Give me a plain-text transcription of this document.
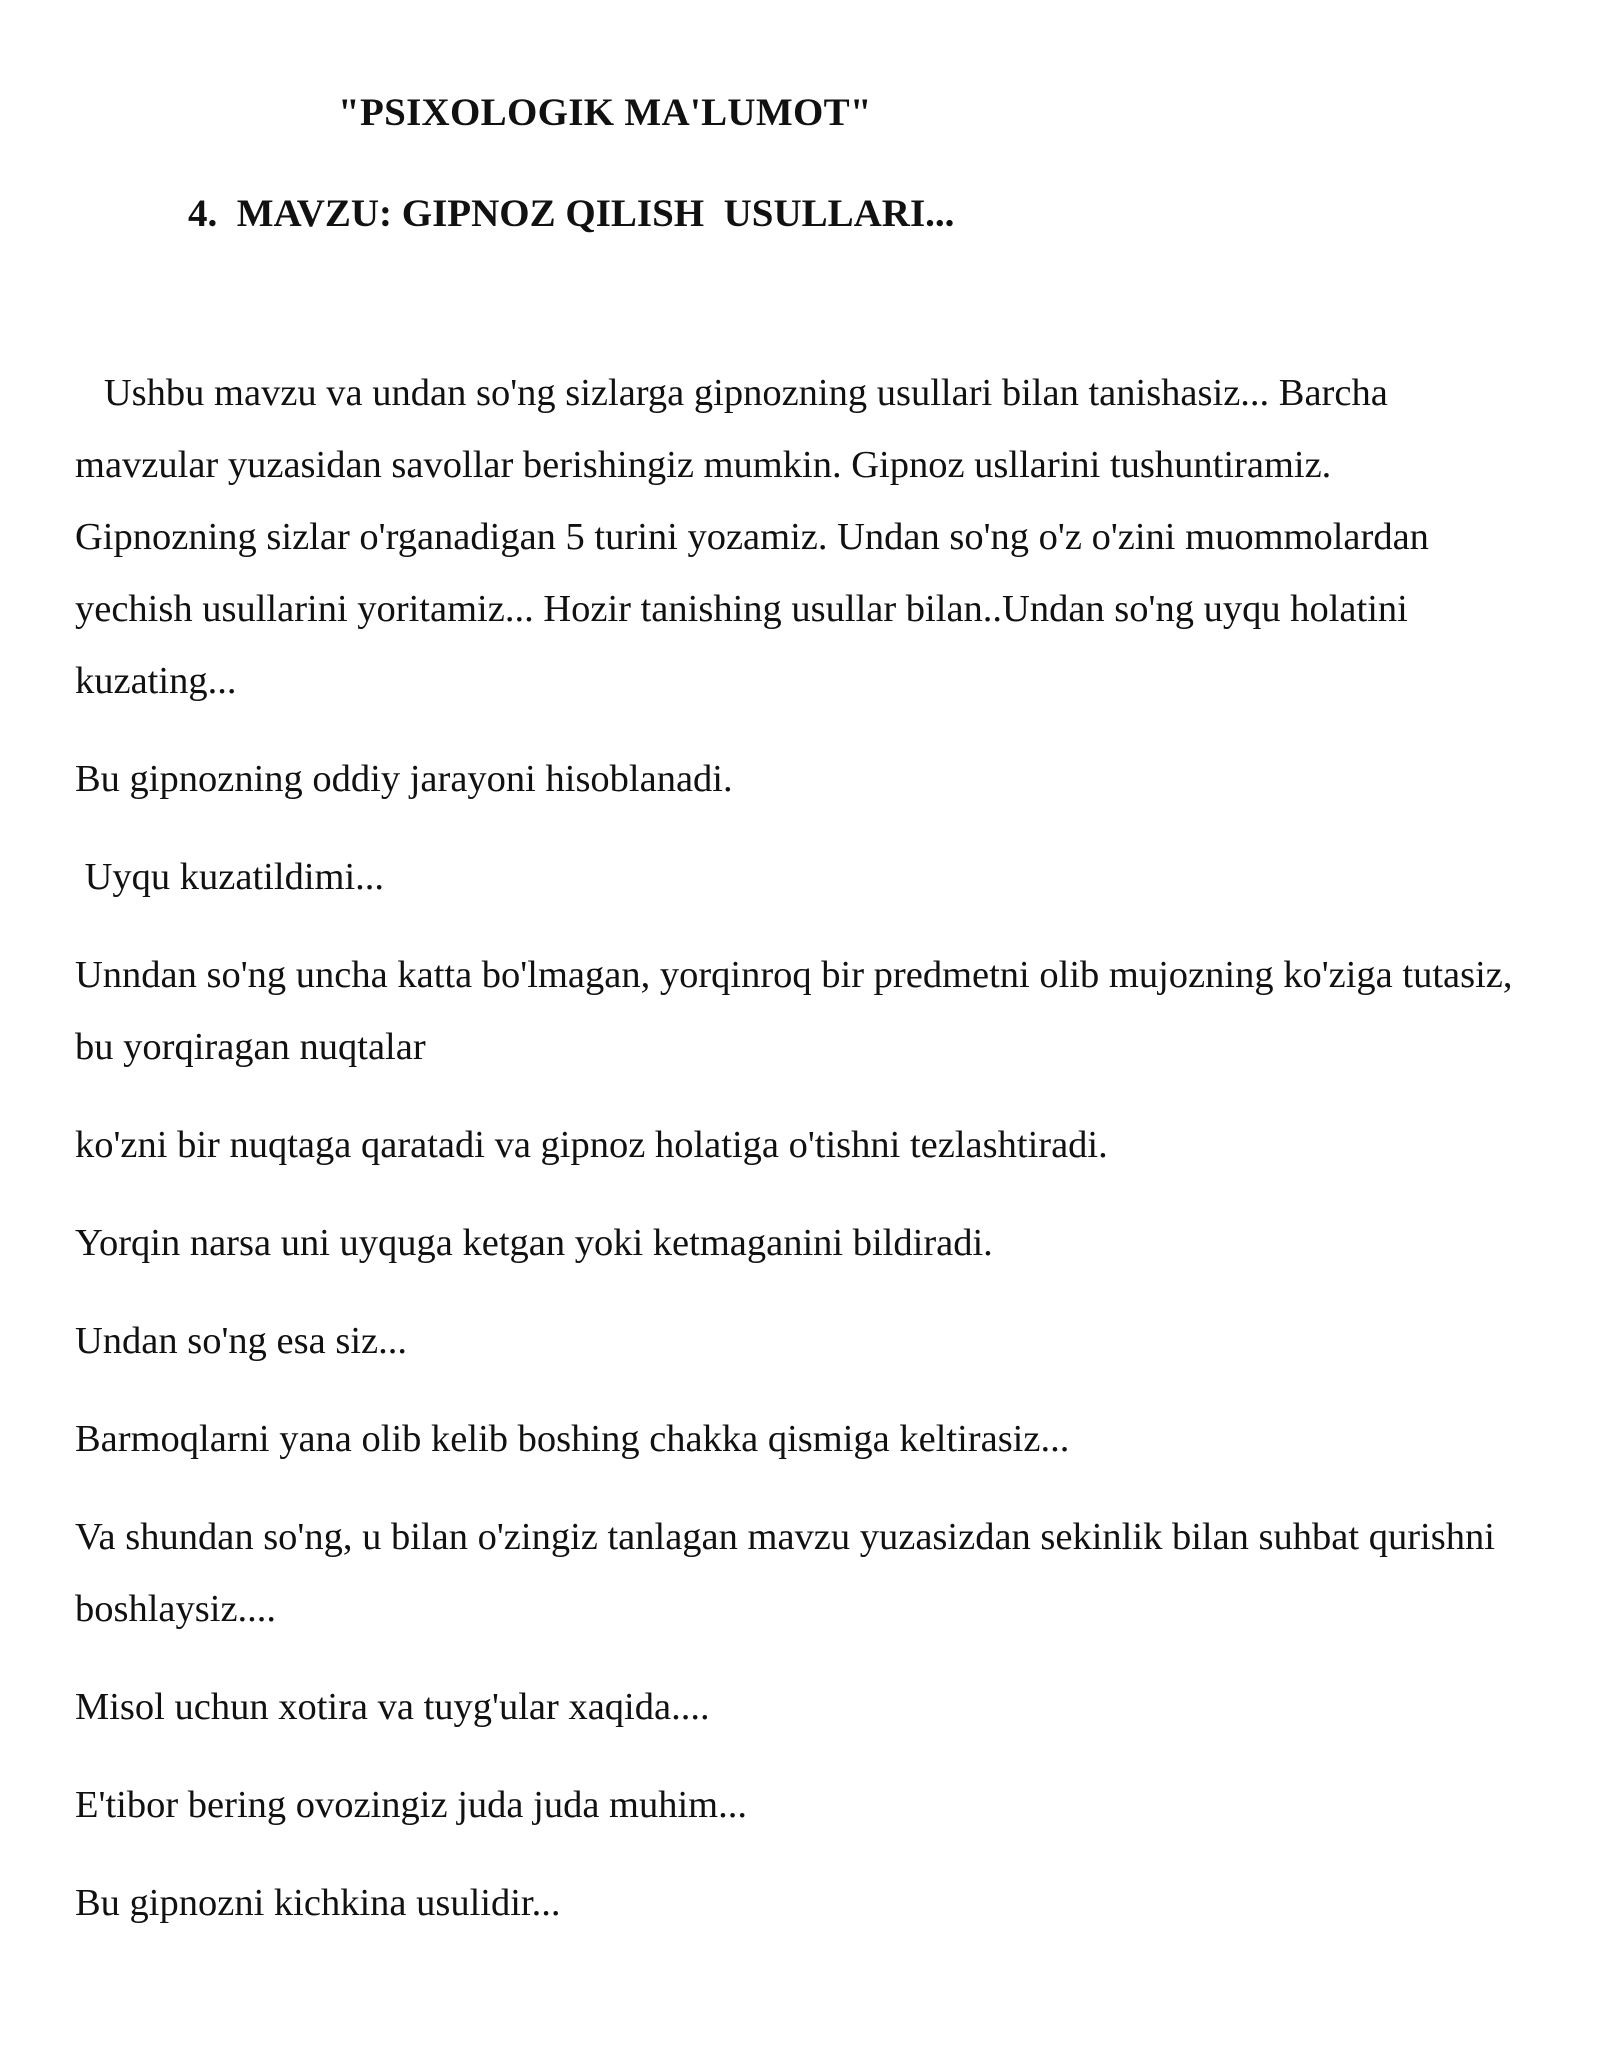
"PSIXOLOGIK MA'LUMOT"
4.  MAVZU: GIPNOZ QILISH  USULLARI...

Ushbu mavzu va undan so'ng sizlarga gipnozning usullari bilan tanishasiz... Barcha mavzular yuzasidan savollar berishingiz mumkin. Gipnoz usllarini tushuntiramiz. Gipnozning sizlar o'rganadigan 5 turini yozamiz. Undan so'ng o'z o'zini muommolardan yechish usullarini yoritamiz... Hozir tanishing usullar bilan..Undan so'ng uyqu holatini kuzating...

Bu gipnozning oddiy jarayoni hisoblanadi.

Uyqu kuzatildimi...

Unndan so'ng uncha katta bo'lmagan, yorqinroq bir predmetni olib mujozning ko'ziga tutasiz, bu yorqiragan nuqtalar

ko'zni bir nuqtaga qaratadi va gipnoz holatiga o'tishni tezlashtiradi.

Yorqin narsa uni uyquga ketgan yoki ketmaganini bildiradi.

Undan so'ng esa siz...

Barmoqlarni yana olib kelib boshing chakka qismiga keltirasiz...

Va shundan so'ng, u bilan o'zingiz tanlagan mavzu yuzasizdan sekinlik bilan suhbat qurishni boshlaysiz....

Misol uchun xotira va tuyg'ular xaqida....

E'tibor bering ovozingiz juda juda muhim...

Bu gipnozni kichkina usulidir...
